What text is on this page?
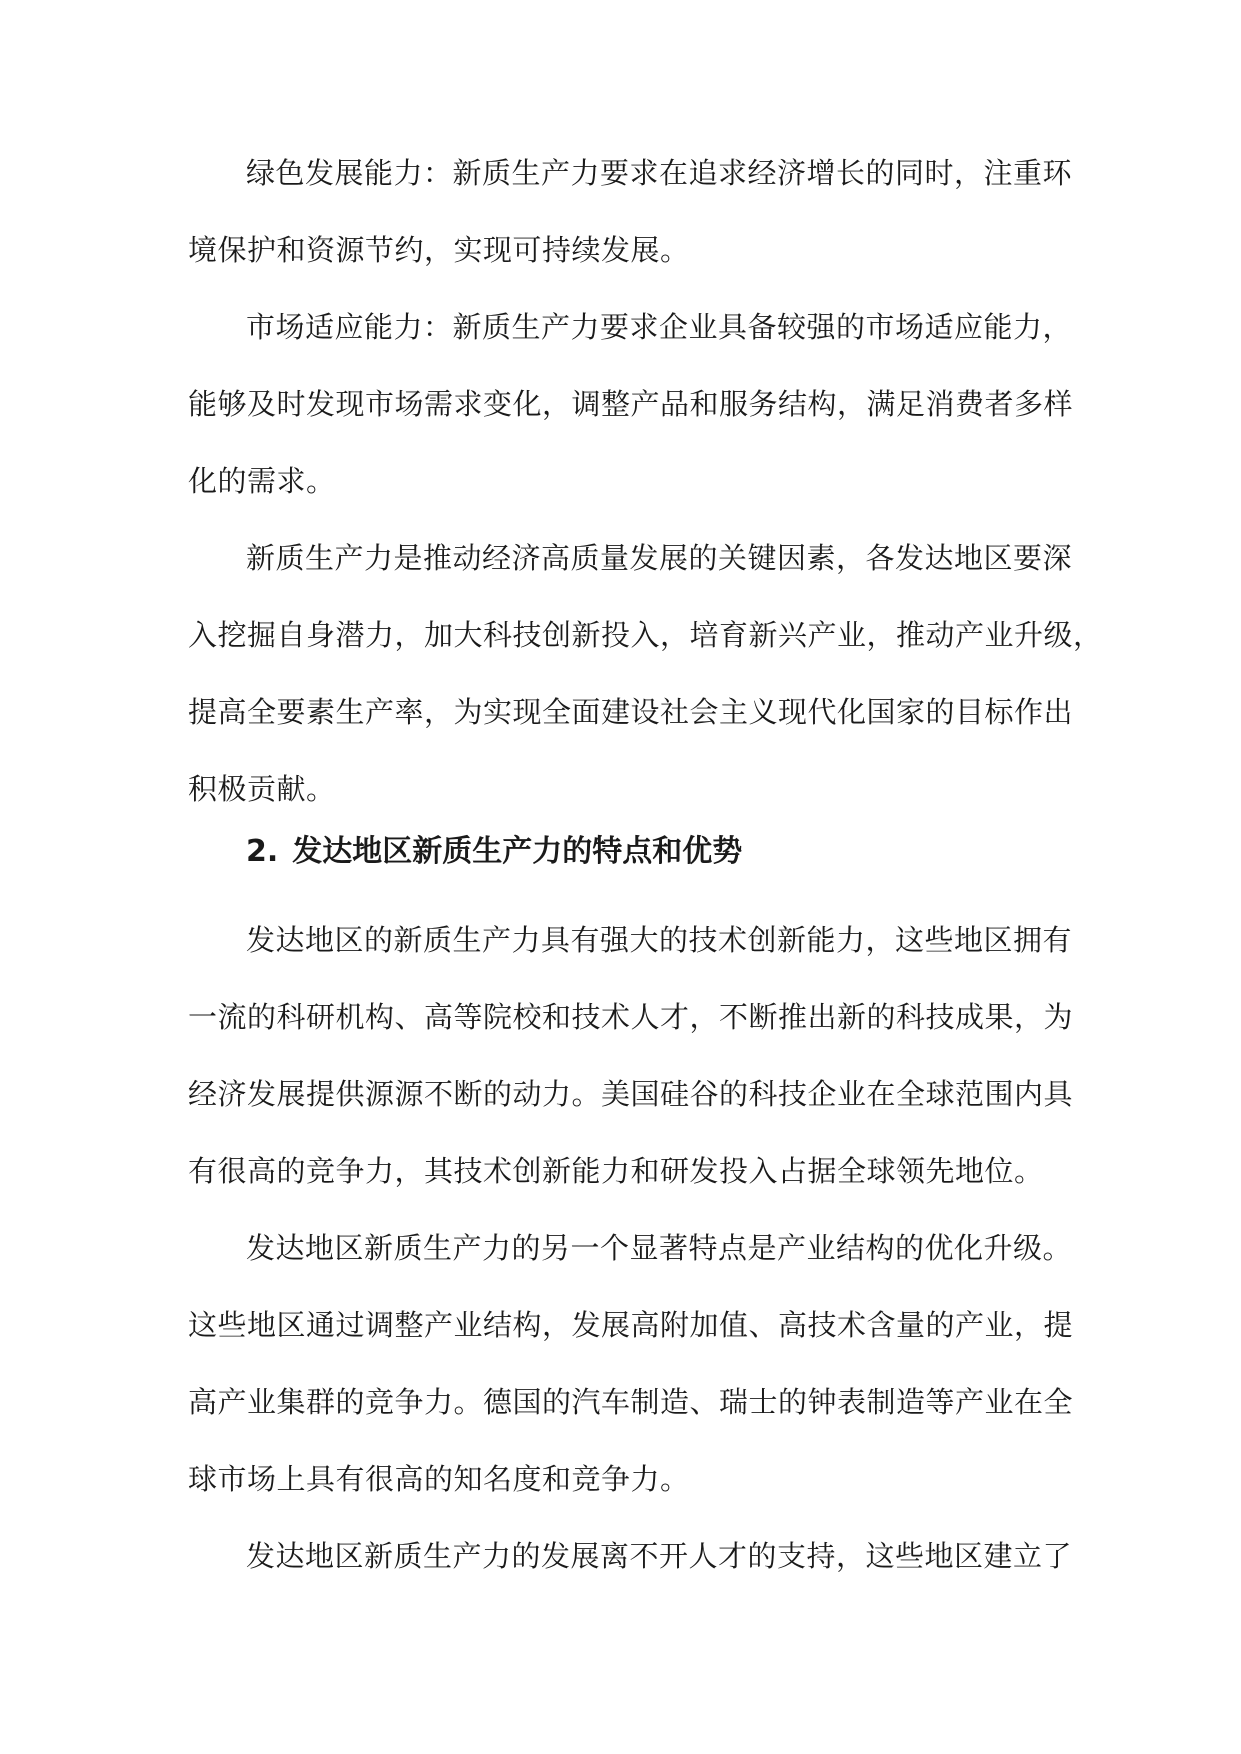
绿色发展能力：新质生产力要求在追求经济增长的同时，注重环
境保护和资源节约，实现可持续发展。
市场适应能力：新质生产力要求企业具备较强的市场适应能力，
能够及时发现市场需求变化，调整产品和服务结构，满足消费者多样
化的需求。
新质生产力是推动经济高质量发展的关键因素，各发达地区要深
入挖掘自身潜力，加大科技创新投入，培育新兴产业，推动产业升级，
提高全要素生产率，为实现全面建设社会主义现代化国家的目标作出
积极贡献。
2. 发达地区新质生产力的特点和优势
发达地区的新质生产力具有强大的技术创新能力，这些地区拥有
一流的科研机构、高等院校和技术人才，不断推出新的科技成果，为
经济发展提供源源不断的动力。美国硅谷的科技企业在全球范围内具
有很高的竞争力，其技术创新能力和研发投入占据全球领先地位。
发达地区新质生产力的另一个显著特点是产业结构的优化升级。
这些地区通过调整产业结构，发展高附加值、高技术含量的产业，提
高产业集群的竞争力。德国的汽车制造、瑞士的钟表制造等产业在全
球市场上具有很高的知名度和竞争力。
发达地区新质生产力的发展离不开人才的支持，这些地区建立了
